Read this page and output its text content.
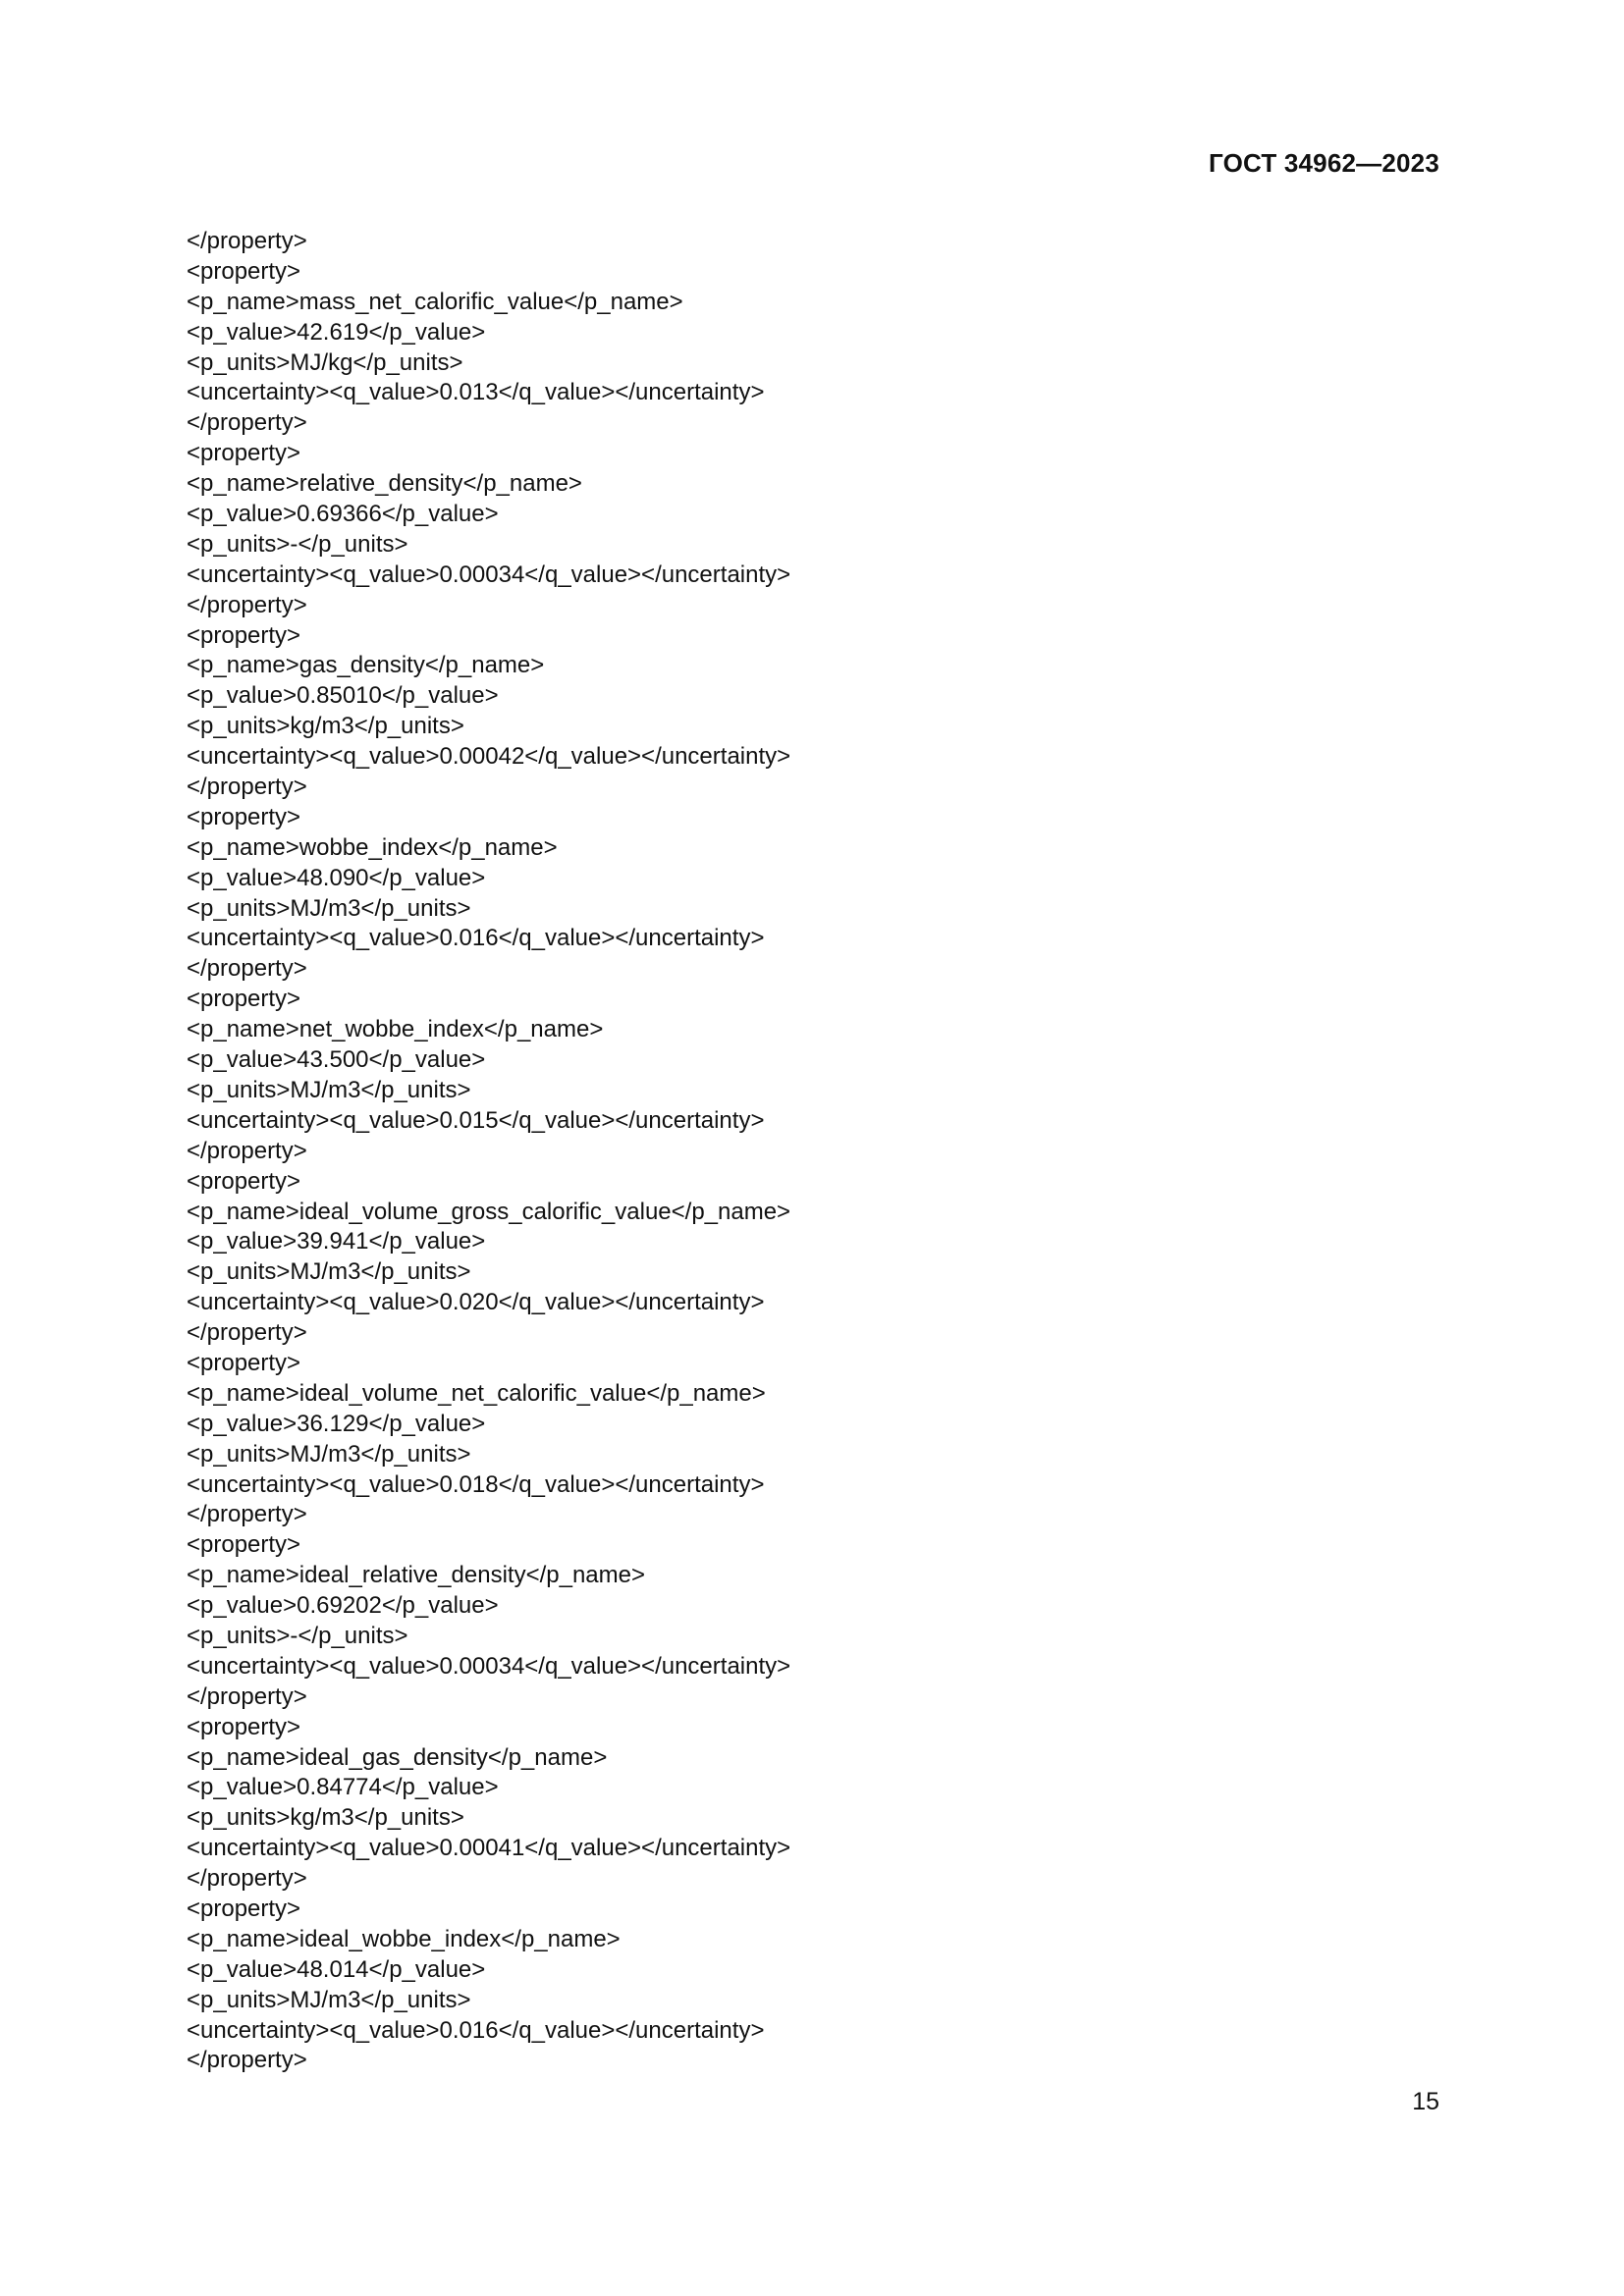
ГОСТ 34962—2023
</property>
<property>
<p_name>mass_net_calorific_value</p_name>
<p_value>42.619</p_value>
<p_units>MJ/kg</p_units>
<uncertainty><q_value>0.013</q_value></uncertainty>
</property>
<property>
<p_name>relative_density</p_name>
<p_value>0.69366</p_value>
<p_units>-</p_units>
<uncertainty><q_value>0.00034</q_value></uncertainty>
</property>
<property>
<p_name>gas_density</p_name>
<p_value>0.85010</p_value>
<p_units>kg/m3</p_units>
<uncertainty><q_value>0.00042</q_value></uncertainty>
</property>
<property>
<p_name>wobbe_index</p_name>
<p_value>48.090</p_value>
<p_units>MJ/m3</p_units>
<uncertainty><q_value>0.016</q_value></uncertainty>
</property>
<property>
<p_name>net_wobbe_index</p_name>
<p_value>43.500</p_value>
<p_units>MJ/m3</p_units>
<uncertainty><q_value>0.015</q_value></uncertainty>
</property>
<property>
<p_name>ideal_volume_gross_calorific_value</p_name>
<p_value>39.941</p_value>
<p_units>MJ/m3</p_units>
<uncertainty><q_value>0.020</q_value></uncertainty>
</property>
<property>
<p_name>ideal_volume_net_calorific_value</p_name>
<p_value>36.129</p_value>
<p_units>MJ/m3</p_units>
<uncertainty><q_value>0.018</q_value></uncertainty>
</property>
<property>
<p_name>ideal_relative_density</p_name>
<p_value>0.69202</p_value>
<p_units>-</p_units>
<uncertainty><q_value>0.00034</q_value></uncertainty>
</property>
<property>
<p_name>ideal_gas_density</p_name>
<p_value>0.84774</p_value>
<p_units>kg/m3</p_units>
<uncertainty><q_value>0.00041</q_value></uncertainty>
</property>
<property>
<p_name>ideal_wobbe_index</p_name>
<p_value>48.014</p_value>
<p_units>MJ/m3</p_units>
<uncertainty><q_value>0.016</q_value></uncertainty>
</property>
15
